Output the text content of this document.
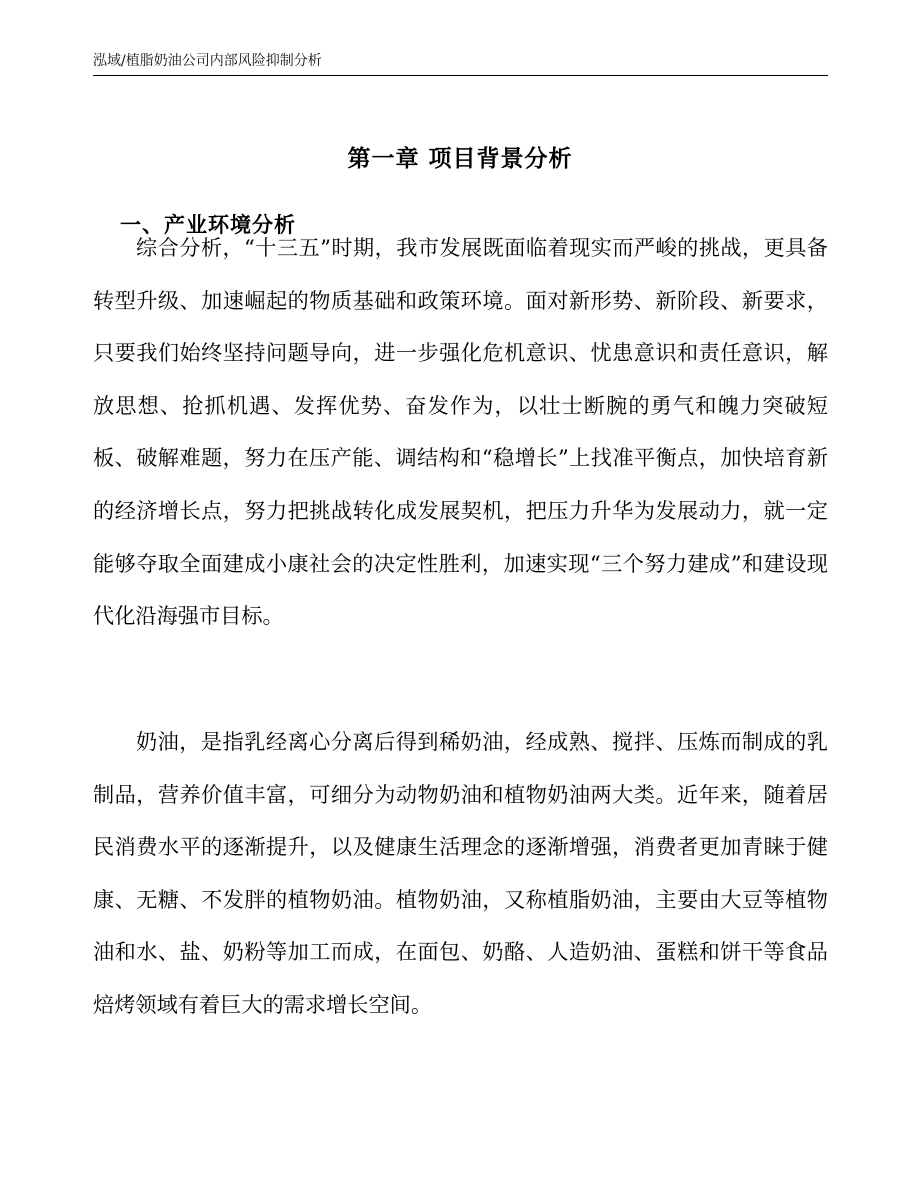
泓域/植脂奶油公司内部风险抑制分析
第一章 项目背景分析
一、产业环境分析

综合分析，“十三五”时期，我市发展既面临着现实而严峻的挑战，更具备转型升级、加速崛起的物质基础和政策环境。面对新形势、新阶段、新要求，只要我们始终坚持问题导向，进一步强化危机意识、忧患意识和责任意识，解放思想、抢抓机遇、发挥优势、奋发作为，以壮士断腕的勇气和魄力突破短板、破解难题，努力在压产能、调结构和“稳增长”上找准平衡点，加快培育新的经济增长点，努力把挑战转化成发展契机，把压力升华为发展动力，就一定能够夺取全面建成小康社会的决定性胜利，加速实现“三个努力建成”和建设现代化沿海强市目标。

奶油，是指乳经离心分离后得到稀奶油，经成熟、搅拌、压炼而制成的乳制品，营养价值丰富，可细分为动物奶油和植物奶油两大类。近年来，随着居民消费水平的逐渐提升，以及健康生活理念的逐渐增强，消费者更加青睐于健康、无糖、不发胖的植物奶油。植物奶油，又称植脂奶油，主要由大豆等植物油和水、盐、奶粉等加工而成，在面包、奶酪、人造奶油、蛋糕和饼干等食品焙烤领域有着巨大的需求增长空间。
